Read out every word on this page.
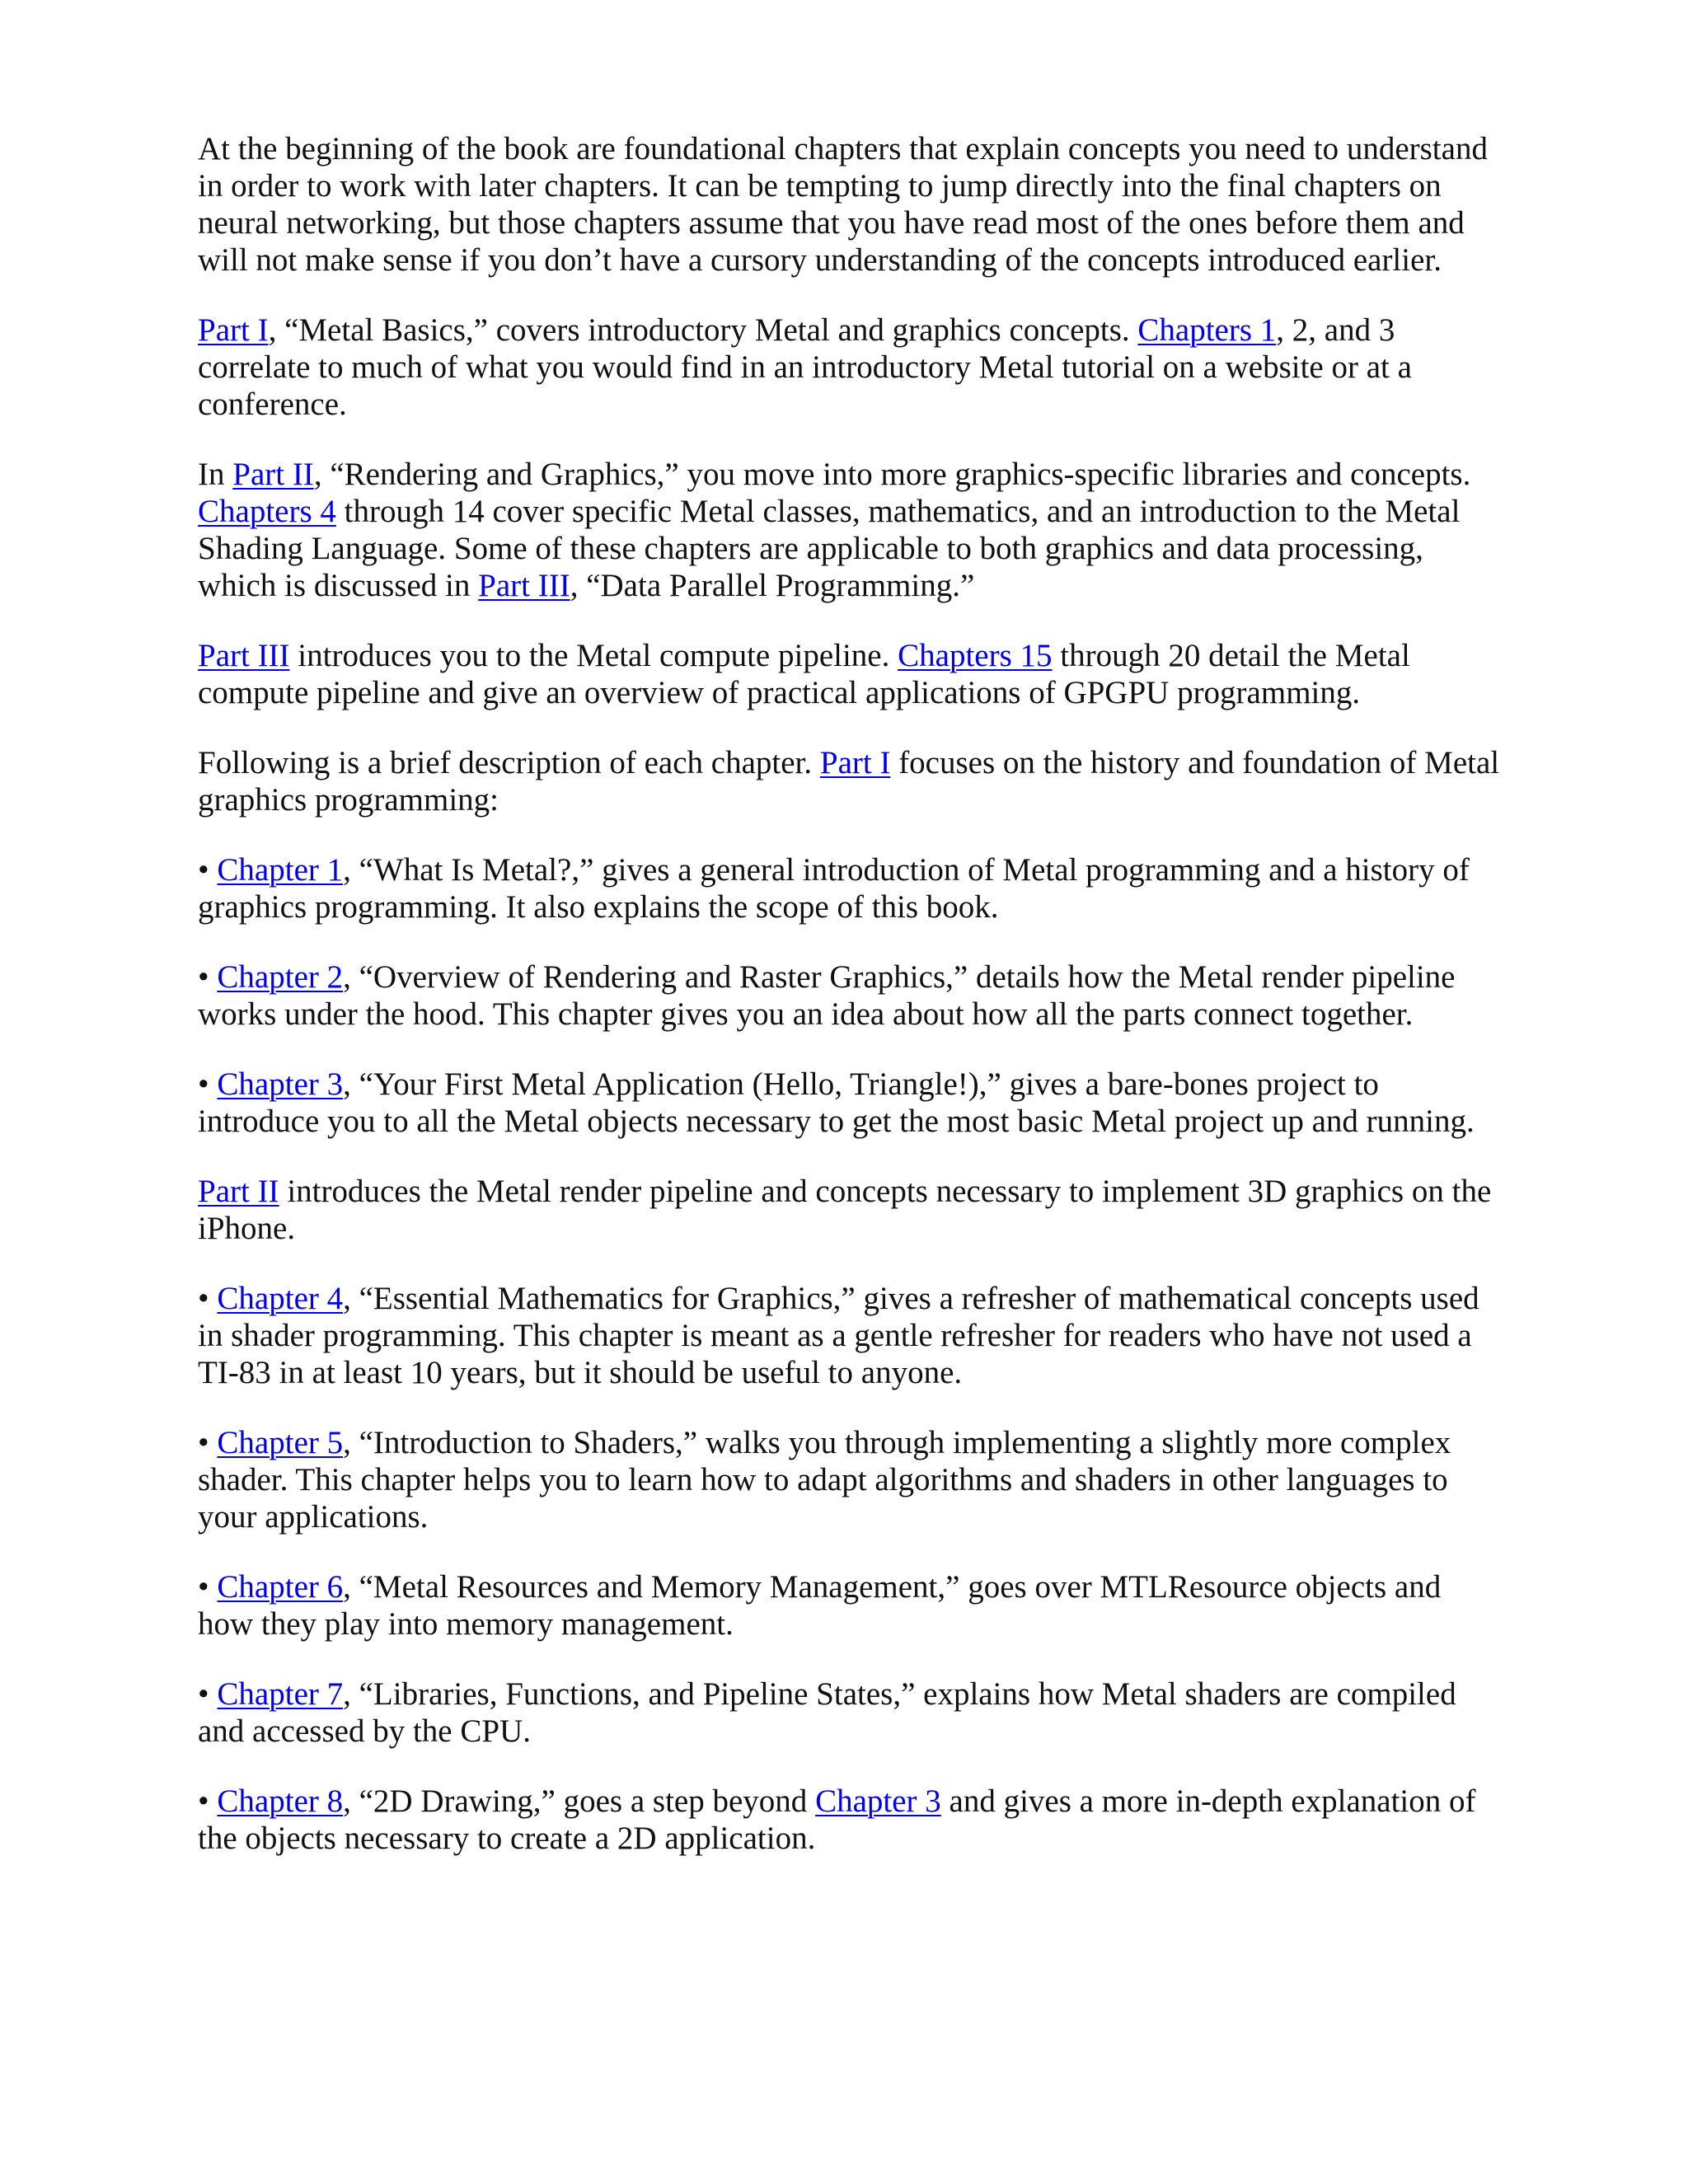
At the beginning of the book are foundational chapters that explain concepts you need to understand in order to work with later chapters. It can be tempting to jump directly into the final chapters on neural networking, but those chapters assume that you have read most of the ones before them and will not make sense if you don’t have a cursory understanding of the concepts introduced earlier.

Part I, “Metal Basics,” covers introductory Metal and graphics concepts. Chapters 1, 2, and 3 correlate to much of what you would find in an introductory Metal tutorial on a website or at a conference.

In Part II, “Rendering and Graphics,” you move into more graphics-specific libraries and concepts. Chapters 4 through 14 cover specific Metal classes, mathematics, and an introduction to the Metal Shading Language. Some of these chapters are applicable to both graphics and data processing, which is discussed in Part III, “Data Parallel Programming.”

Part III introduces you to the Metal compute pipeline. Chapters 15 through 20 detail the Metal compute pipeline and give an overview of practical applications of GPGPU programming.

Following is a brief description of each chapter. Part I focuses on the history and foundation of Metal graphics programming:

• Chapter 1, “What Is Metal?,” gives a general introduction of Metal programming and a history of graphics programming. It also explains the scope of this book.

• Chapter 2, “Overview of Rendering and Raster Graphics,” details how the Metal render pipeline works under the hood. This chapter gives you an idea about how all the parts connect together.

• Chapter 3, “Your First Metal Application (Hello, Triangle!),” gives a bare-bones project to introduce you to all the Metal objects necessary to get the most basic Metal project up and running.

Part II introduces the Metal render pipeline and concepts necessary to implement 3D graphics on the iPhone.

• Chapter 4, “Essential Mathematics for Graphics,” gives a refresher of mathematical concepts used in shader programming. This chapter is meant as a gentle refresher for readers who have not used a TI-83 in at least 10 years, but it should be useful to anyone.

• Chapter 5, “Introduction to Shaders,” walks you through implementing a slightly more complex shader. This chapter helps you to learn how to adapt algorithms and shaders in other languages to your applications.

• Chapter 6, “Metal Resources and Memory Management,” goes over MTLResource objects and how they play into memory management.

• Chapter 7, “Libraries, Functions, and Pipeline States,” explains how Metal shaders are compiled and accessed by the CPU.

• Chapter 8, “2D Drawing,” goes a step beyond Chapter 3 and gives a more in-depth explanation of the objects necessary to create a 2D application.
